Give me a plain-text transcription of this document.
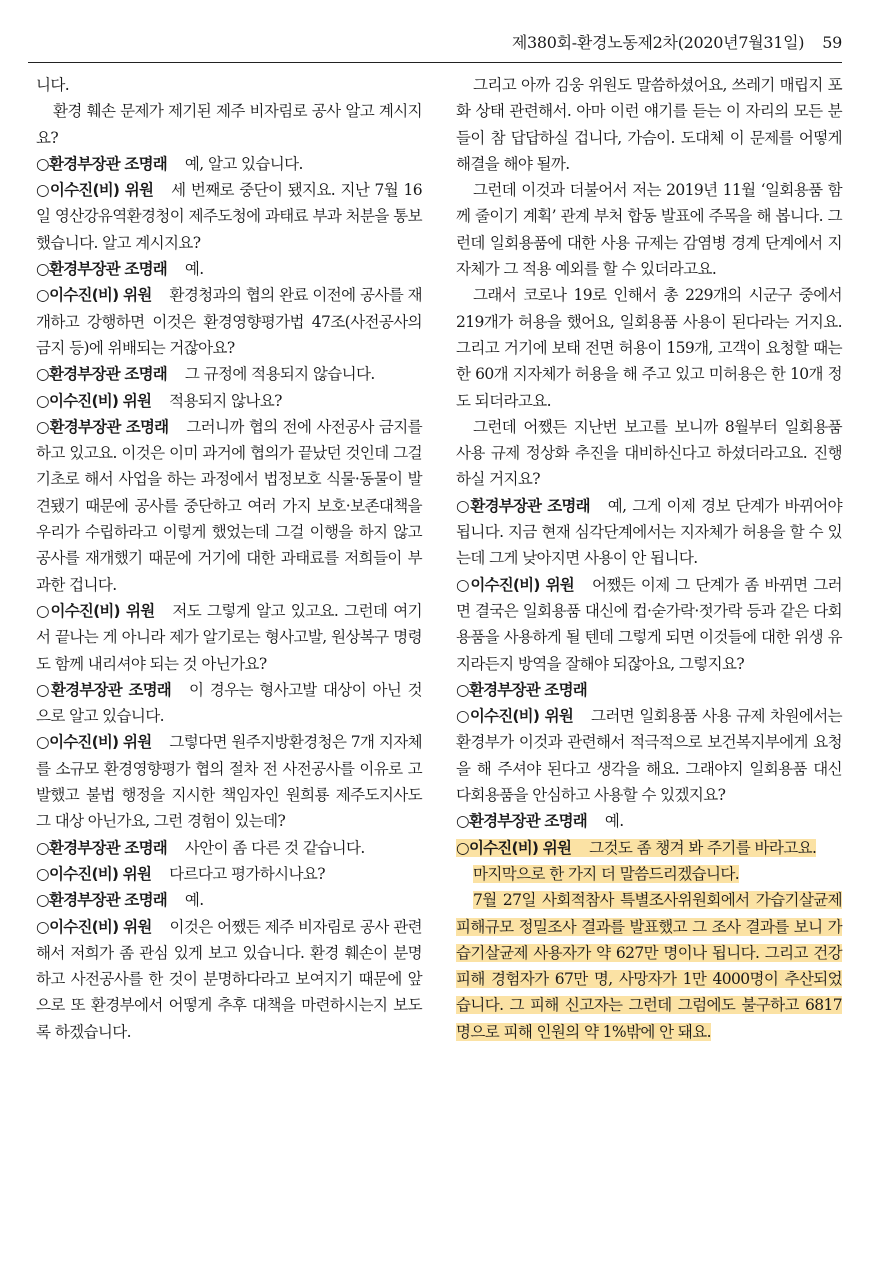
제380회-환경노동제2차(2020년7월31일) 59

니다.

환경 훼손 문제가 제기된 제주 비자림로 공사 알고 계시지요?

○환경부장관 조명래 예, 알고 있습니다.

○이수진(비) 위원 세 번째로 중단이 됐지요. 지난 7월 16일 영산강유역환경청이 제주도청에 과태료 부과 처분을 통보했습니다. 알고 계시지요?

○환경부장관 조명래 예.

○이수진(비) 위원 환경청과의 협의 완료 이전에 공사를 재개하고 강행하면 이것은 환경영향평가법 47조(사전공사의 금지 등)에 위배되는 거잖아요?

○환경부장관 조명래 그 규정에 적용되지 않습니다.

○이수진(비) 위원 적용되지 않나요?

○환경부장관 조명래 그러니까 협의 전에 사전공사 금지를 하고 있고요. 이것은 이미 과거에 협의가 끝났던 것인데 그걸 기초로 해서 사업을 하는 과정에서 법정보호 식물·동물이 발견됐기 때문에 공사를 중단하고 여러 가지 보호·보존대책을 우리가 수립하라고 이렇게 했었는데 그걸 이행을 하지 않고 공사를 재개했기 때문에 거기에 대한 과태료를 저희들이 부과한 겁니다.

○이수진(비) 위원 저도 그렇게 알고 있고요. 그런데 여기서 끝나는 게 아니라 제가 알기로는 형사고발, 원상복구 명령도 함께 내리셔야 되는 것 아닌가요?

○환경부장관 조명래 이 경우는 형사고발 대상이 아닌 것으로 알고 있습니다.

○이수진(비) 위원 그렇다면 원주지방환경청은 7개 지자체를 소규모 환경영향평가 협의 절차 전 사전공사를 이유로 고발했고 불법 행정을 지시한 책임자인 원희룡 제주도지사도 그 대상 아닌가요, 그런 경험이 있는데?

○환경부장관 조명래 사안이 좀 다른 것 같습니다.

○이수진(비) 위원 다르다고 평가하시나요?

○환경부장관 조명래 예.

○이수진(비) 위원 이것은 어쨌든 제주 비자림로 공사 관련해서 저희가 좀 관심 있게 보고 있습니다. 환경 훼손이 분명하고 사전공사를 한 것이 분명하다라고 보여지기 때문에 앞으로 또 환경부에서 어떻게 추후 대책을 마련하시는지 보도록 하겠습니다.

그리고 아까 김웅 위원도 말씀하셨어요, 쓰레기 매립지 포화 상태 관련해서. 아마 이런 얘기를 듣는 이 자리의 모든 분들이 참 답답하실 겁니다, 가슴이. 도대체 이 문제를 어떻게 해결을 해야 될까.

그런데 이것과 더불어서 저는 2019년 11월 ‘일회용품 함께 줄이기 계획’ 관계 부처 합동 발표에 주목을 해 봅니다. 그런데 일회용품에 대한 사용 규제는 감염병 경계 단계에서 지자체가 그 적용 예외를 할 수 있더라고요.

그래서 코로나 19로 인해서 총 229개의 시군구 중에서 219개가 허용을 했어요, 일회용품 사용이 된다라는 거지요. 그리고 거기에 보태 전면 허용이 159개, 고객이 요청할 때는 한 60개 지자체가 허용을 해 주고 있고 미허용은 한 10개 정도 되더라고요.

그런데 어쨌든 지난번 보고를 보니까 8월부터 일회용품 사용 규제 정상화 추진을 대비하신다고 하셨더라고요. 진행하실 거지요?

○환경부장관 조명래 예, 그게 이제 경보 단계가 바뀌어야 됩니다. 지금 현재 심각단계에서는 지자체가 허용을 할 수 있는데 그게 낮아지면 사용이 안 됩니다.

○이수진(비) 위원 어쨌든 이제 그 단계가 좀 바뀌면 그러면 결국은 일회용품 대신에 컵·숟가락·젓가락 등과 같은 다회용품을 사용하게 될 텐데 그렇게 되면 이것들에 대한 위생 유지라든지 방역을 잘해야 되잖아요, 그렇지요?

○환경부장관 조명래

○이수진(비) 위원 그러면 일회용품 사용 규제 차원에서는 환경부가 이것과 관련해서 적극적으로 보건복지부에게 요청을 해 주셔야 된다고 생각을 해요. 그래야지 일회용품 대신 다회용품을 안심하고 사용할 수 있겠지요?

○환경부장관 조명래 예.

○이수진(비) 위원 그것도 좀 챙겨 봐 주기를 바라고요.

마지막으로 한 가지 더 말씀드리겠습니다.

7월 27일 사회적참사 특별조사위원회에서 가습기살균제 피해규모 정밀조사 결과를 발표했고 그 조사 결과를 보니 가습기살균제 사용자가 약 627만 명이나 됩니다. 그리고 건강피해 경험자가 67만 명, 사망자가 1만 4000명이 추산되었습니다. 그 피해 신고자는 그런데 그럼에도 불구하고 6817명으로 피해 인원의 약 1%밖에 안 돼요.
